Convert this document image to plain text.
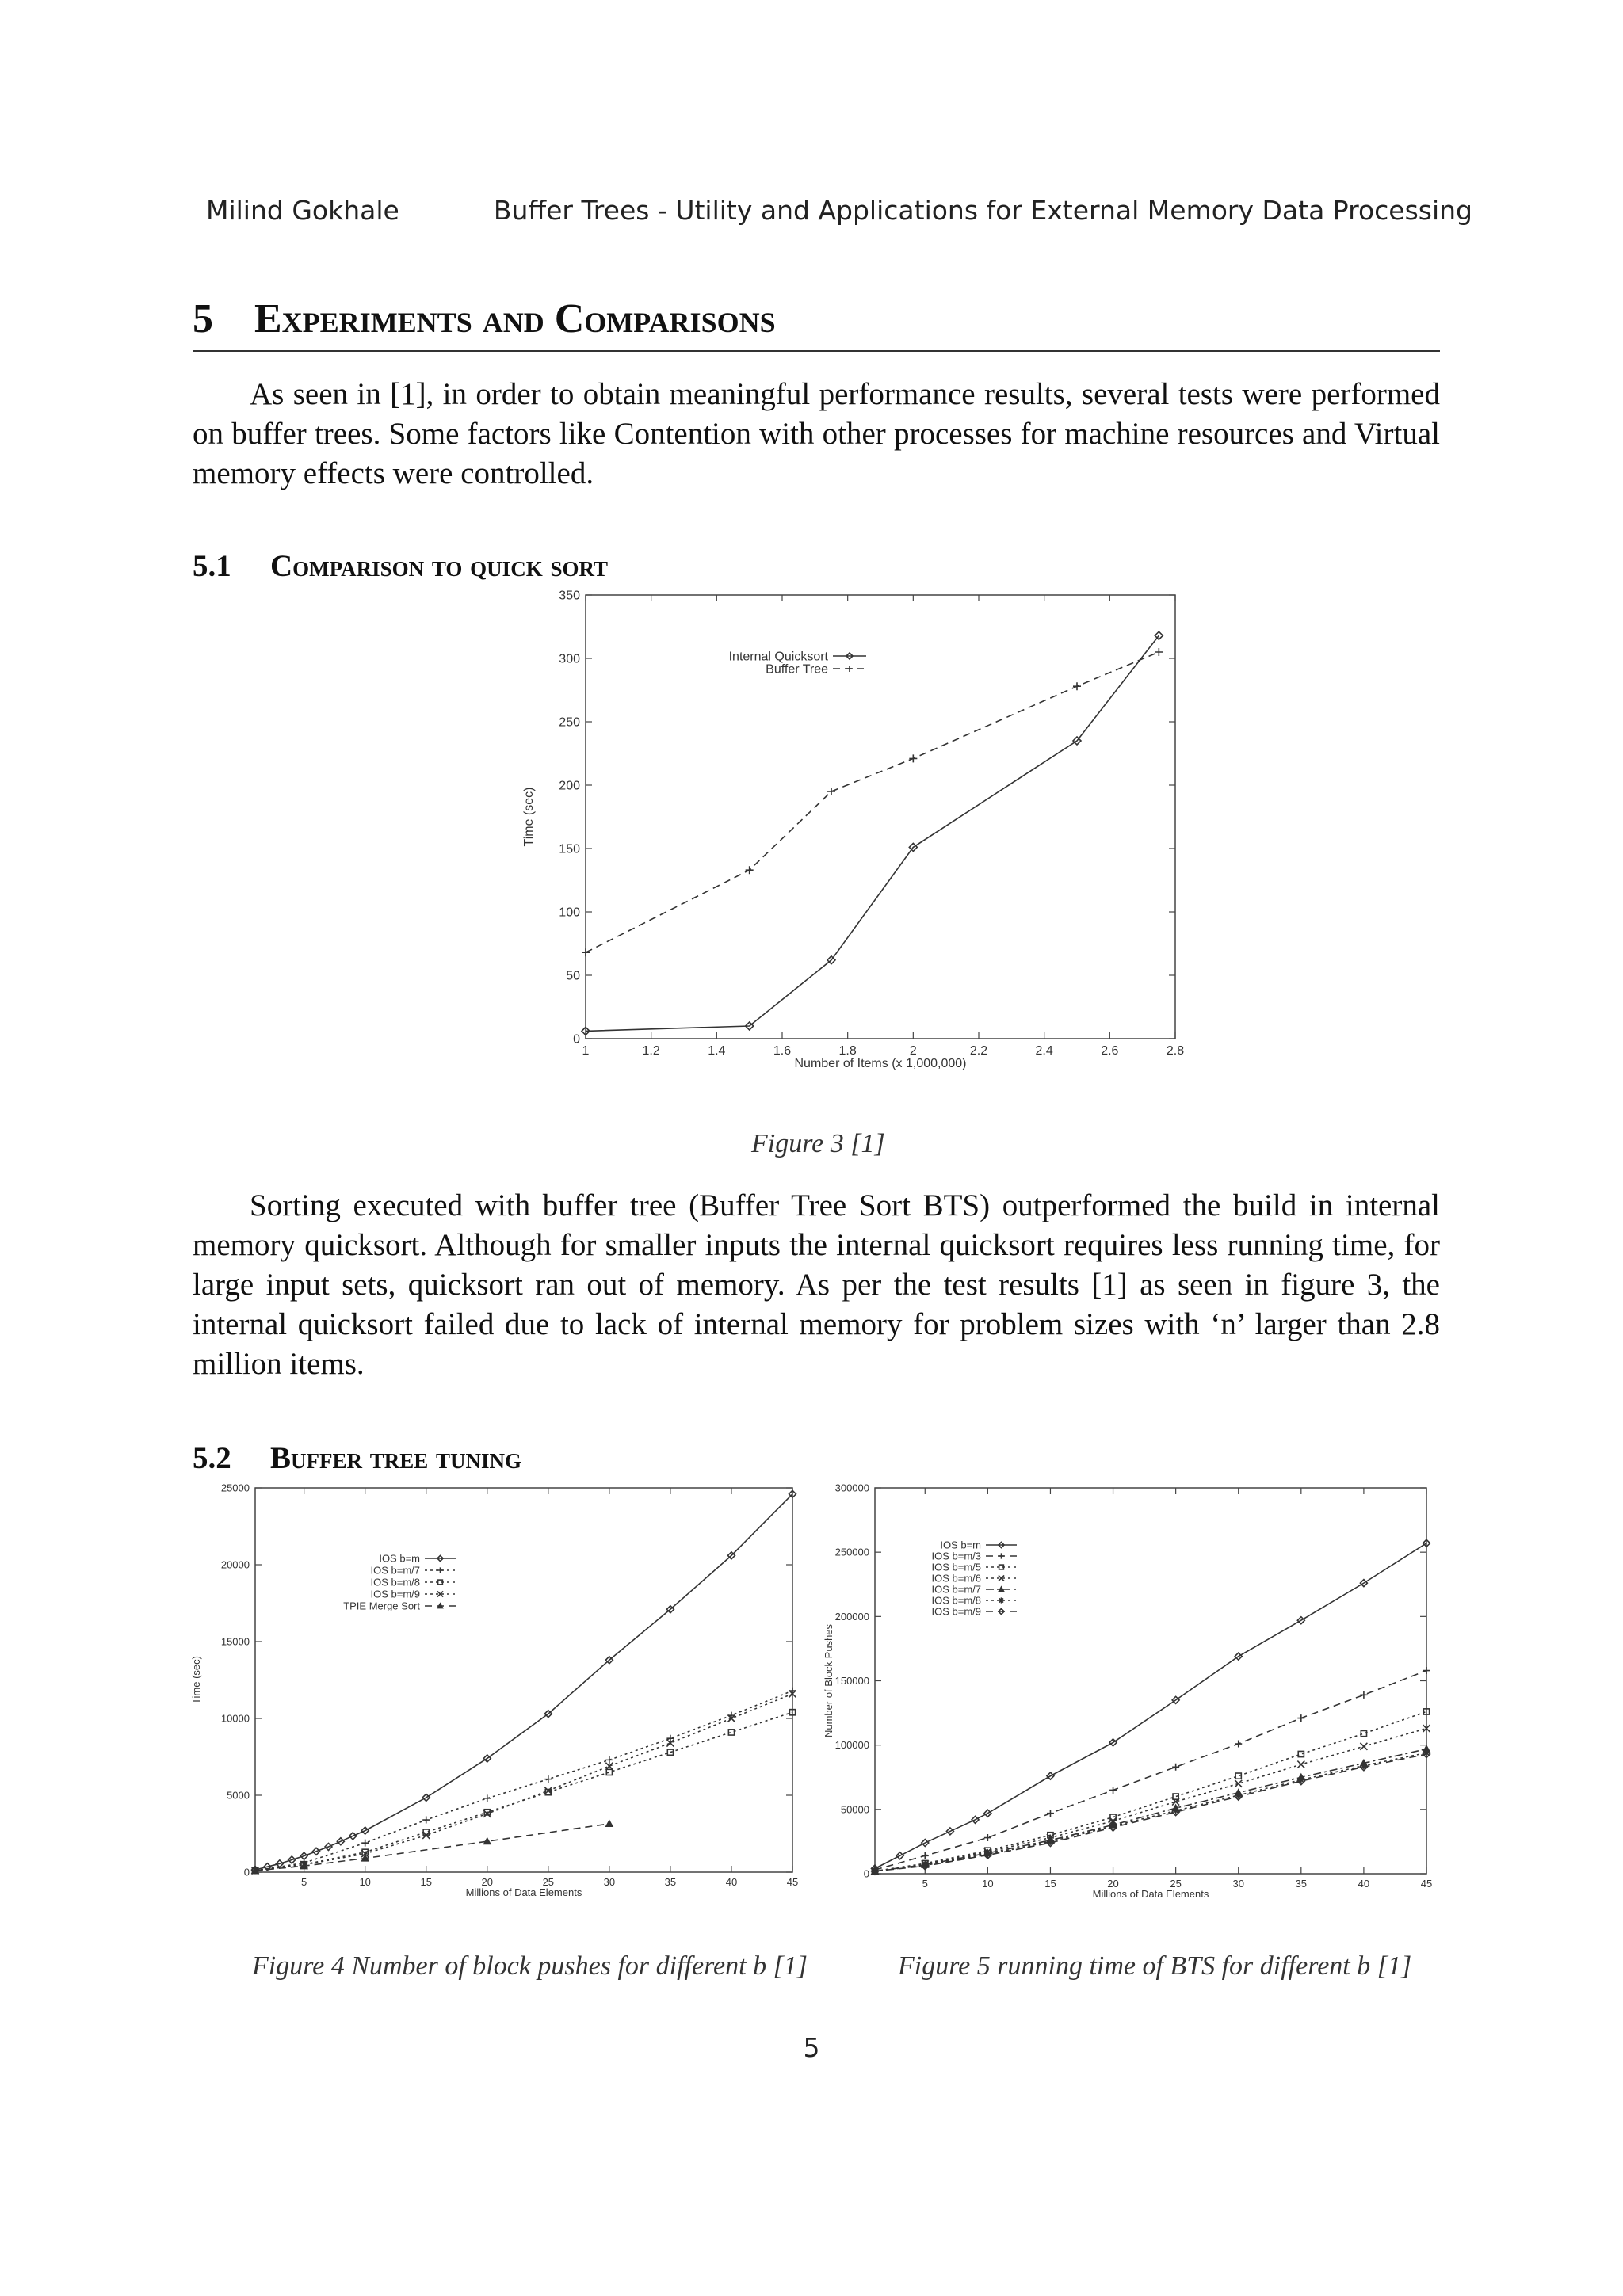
Milind Gokhale	Buffer Trees - Utility and Applications for External Memory Data Processing
5 Experiments and Comparisons

As seen in [1], in order to obtain meaningful performance results, several tests were performed on buffer trees. Some factors like Contention with other processes for machine resources and Virtual memory effects were controlled.

5.1 Comparison to quick sort
1	1.2	1.4	1.6	1.8	2	2.2	2.4	2.6	2.8
0
50
100
150
200
250
300
350
Number of Items (x 1,000,000)
Time (sec)
Internal Quicksort
Buffer Tree
Figure 3 [1]

Sorting executed with buffer tree (Buffer Tree Sort BTS) outperformed the build in internal memory quicksort. Although for smaller inputs the internal quicksort requires less running time, for large input sets, quicksort ran out of memory. As per the test results [1] as seen in figure 3, the internal quicksort failed due to lack of internal memory for problem sizes with ‘n’ larger than 2.8 million items.

5.2 Buffer tree tuning
5	10	15	20	25	30	35	40	45
0
5000
10000
15000
20000
25000
Millions of Data Elements
Time (sec)
IOS b=m
IOS b=m/7
IOS b=m/8
IOS b=m/9
TPIE Merge Sort
5	10	15	20	25	30	35	40	45
0
50000
100000
150000
200000
250000
300000
Millions of Data Elements
Number of Block Pushes
IOS b=m
IOS b=m/3
IOS b=m/5
IOS b=m/6
IOS b=m/7
IOS b=m/8
IOS b=m/9
Figure 4 Number of block pushes for different b [1]	Figure 5 running time of BTS for different b [1]
5
